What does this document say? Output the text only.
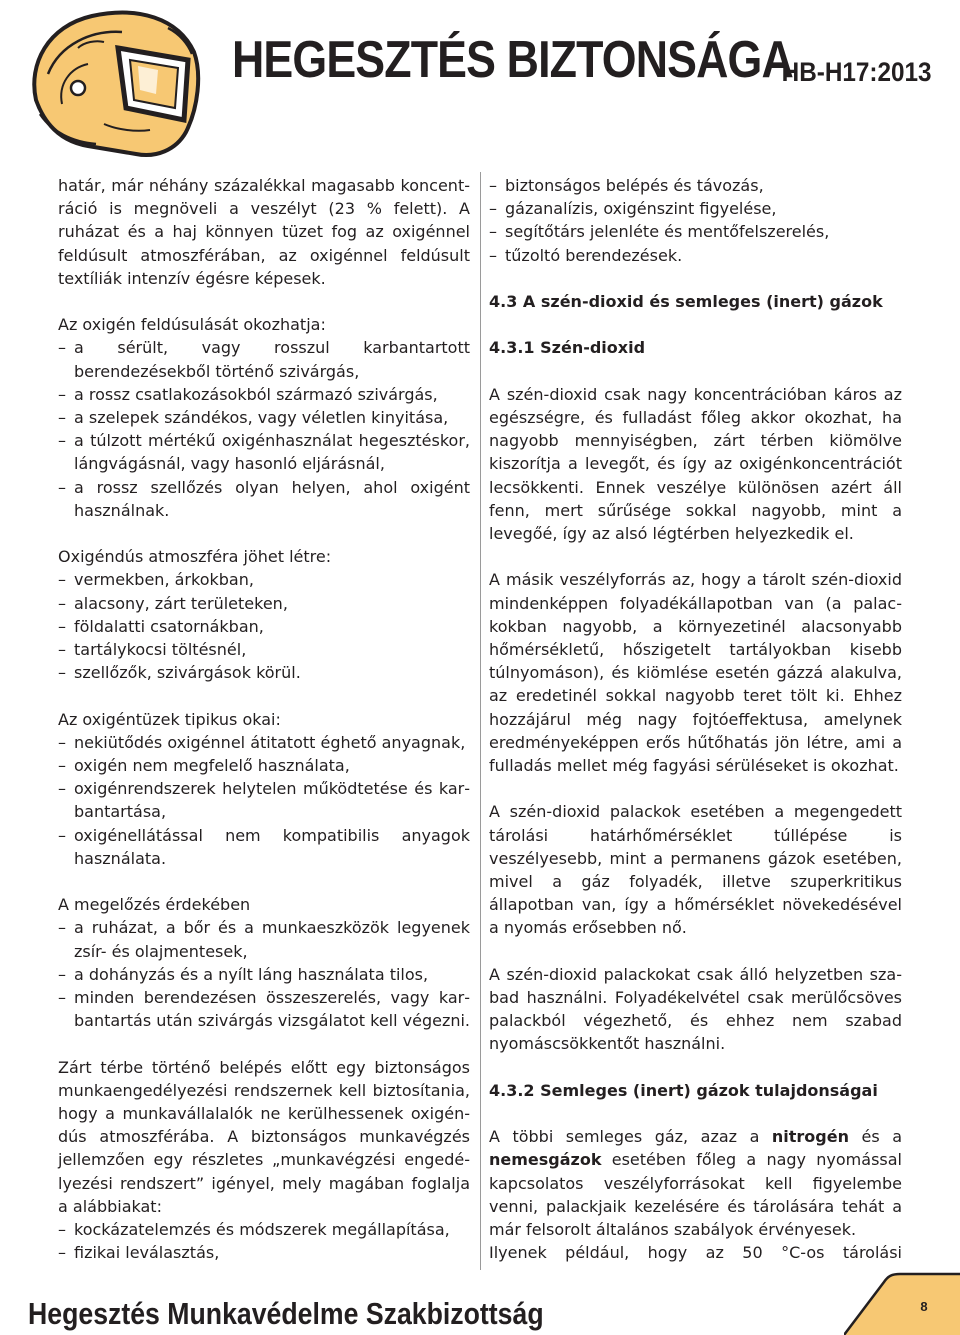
HEGESZTÉS BIZTONSÁGA
HB-H17:2013

határ, már néhány százalékkal magasabb koncentráció is megnöveli a veszélyt (23 % felett). A ruházat és a haj könnyen tüzet fog az oxigénnel feldúsult atmoszférában, az oxigénnel feldúsult textíliák intenzív égésre képesek.

Az oxigén feldúsulását okozhatja:

– a sérült, vagy rosszul karbantartott berendezésekből történő szivárgás,
– a rossz csatlakozásokból származó szivárgás,
– a szelepek szándékos, vagy véletlen kinyitása,
– a túlzott mértékű oxigénhasználat hegesztéskor, lángvágásnál, vagy hasonló eljárásnál,
– a rossz szellőzés olyan helyen, ahol oxigént használnak.

Oxigéndús atmoszféra jöhet létre:

– vermekben, árkokban,
– alacsony, zárt területeken,
– földalatti csatornákban,
– tartálykocsi töltésnél,
– szellőzők, szivárgások körül.

Az oxigéntüzek tipikus okai:

– nekiütődés oxigénnel átitatott éghető anyagnak,
– oxigén nem megfelelő használata,
– oxigénrendszerek helytelen működtetése és karbantartása,
– oxigénellátással nem kompatibilis anyagok használata.

A megelőzés érdekében

– a ruházat, a bőr és a munkaeszközök legyenek zsír- és olajmentesek,
– a dohányzás és a nyílt láng használata tilos,
– minden berendezésen összeszerelés, vagy karbantartás után szivárgás vizsgálatot kell végezni.

Zárt térbe történő belépés előtt egy biztonságos munkaengedélyezési rendszernek kell biztosítania, hogy a munkavállalalók ne kerülhessenek oxigéndús atmoszférába. A biztonságos munkavégzés jellemzően egy részletes „munkavégzési engedélyezési rendszert” igényel, mely magában foglalja a alábbiakat:

– kockázatelemzés és módszerek megállapítása,
– fizikai leválasztás,
– biztonságos belépés és távozás,
– gázanalízis, oxigénszint figyelése,
– segítőtárs jelenléte és mentőfelszerelés,
– tűzoltó berendezések.

4.3 A szén-dioxid és semleges (inert) gázok

4.3.1 Szén-dioxid

A szén-dioxid csak nagy koncentrációban káros az egészségre, és fulladást főleg akkor okozhat, ha nagyobb mennyiségben, zárt térben kiömölve kiszorítja a levegőt, és így az oxigénkoncentrációt lecsökkenti. Ennek veszélye különösen azért áll fenn, mert sűrűsége sokkal nagyobb, mint a levegőé, így az alsó légtérben helyezkedik el.

A másik veszélyforrás az, hogy a tárolt szén-dioxid mindenképpen folyadékállapotban van (a palackokban nagyobb, a környezetinél alacsonyabb hőmérsékletű, hőszigetelt tartályokban kisebb túlnyomáson), és kiömlése esetén gázzá alakulva, az eredetinél sokkal nagyobb teret tölt ki. Ehhez hozzájárul még nagy fojtóeffektusa, amelynek eredményeképpen erős hűtőhatás jön létre, ami a fulladás mellet még fagyási sérüléseket is okozhat.

A szén-dioxid palackok esetében a megengedett tárolási határhőmérséklet túllépése is veszélyesebb, mint a permanens gázok esetében, mivel a gáz folyadék, illetve szuperkritikus állapotban van, így a hőmérséklet növekedésével a nyomás erősebben nő.

A szén-dioxid palackokat csak álló helyzetben szabad használni. Folyadékelvétel csak merülőcsöves palackból végezhető, és ehhez nem szabad nyomáscsökkentőt használni.

4.3.2 Semleges (inert) gázok tulajdonságai

A többi semleges gáz, azaz a nitrogén és a nemesgázok esetében főleg a nagy nyomással kapcsolatos veszélyforrásokat kell figyelembe venni, palackjaik kezelésére és tárolására tehát a már felsorolt általános szabályok érvényesek.

Ilyenek például, hogy az 50 °C-os tárolási

Hegesztés Munkavédelme Szakbizottság	8
